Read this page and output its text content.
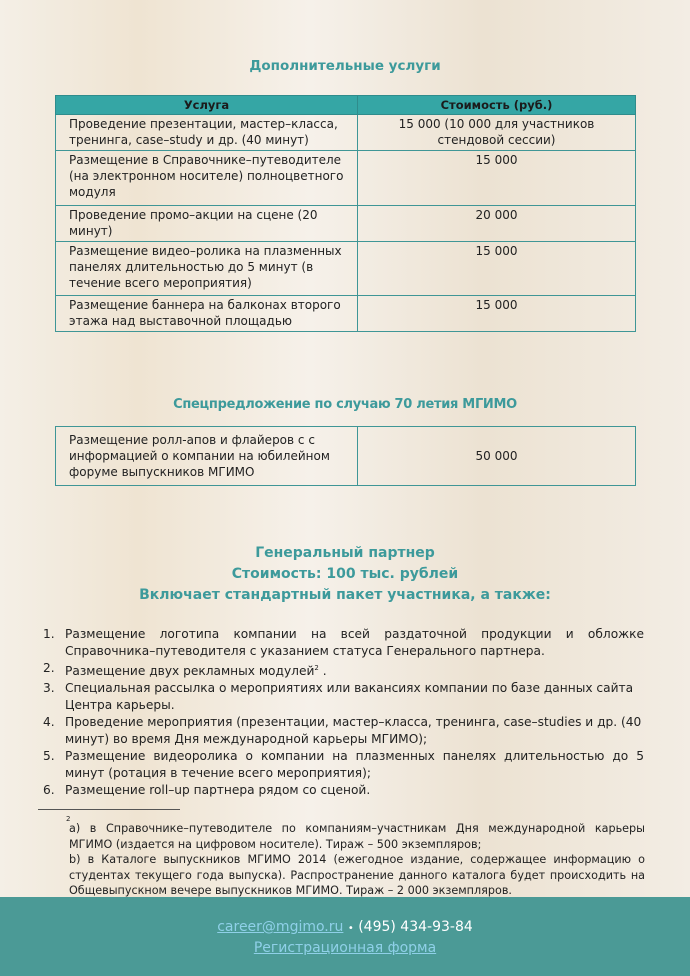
Дополнительные услуги
Услуга	Стоимость (руб.)
Проведение презентации, мастер–класса, тренинга, case–study и др. (40 минут)	15 000 (10 000 для участников стендовой сессии)
Размещение в Справочнике–путеводителе (на электронном носителе) полноцветного модуля	15 000
Проведение промо–акции на сцене (20 минут)	20 000
Размещение видео–ролика на плазменных панелях длительностью до 5 минут (в течение всего мероприятия)	15 000
Размещение баннера на балконах второго этажа над выставочной площадью	15 000
Спецпредложение по случаю 70 летия МГИМО
Размещение ролл-апов и флайеров с с информацией о компании на юбилейном форуме выпускников МГИМО	50 000
Генеральный партнер
Стоимость: 100 тыс. рублей
Включает стандартный пакет участника, а также:
1. Размещение логотипа компании на всей раздаточной продукции и обложке Справочника–путеводителя с указанием статуса Генерального партнера.
2. Размещение двух рекламных модулей$^2$ .
3. Специальная рассылка о мероприятиях или вакансиях компании по базе данных сайта Центра карьеры.
4. Проведение мероприятия (презентации, мастер–класса, тренинга, case–studies и др. (40 минут) во время Дня международной карьеры МГИМО);
5. Размещение видеоролика о компании на плазменных панелях длительностью до 5 минут (ротация в течение всего мероприятия);
6. Размещение roll–up партнера рядом со сценой.
2
а) в Справочнике–путеводителе по компаниям–участникам Дня международной карьеры МГИМО (издается на цифровом носителе). Тираж – 500 экземпляров;
b) в Каталоге выпускников МГИМО 2014 (ежегодное издание, содержащее информацию о студентах текущего года выпуска). Распространение данного каталога будет происходить на Общевыпускном вечере выпускников МГИМО. Тираж – 2 000 экземпляров.
career@mgimo.ru • (495) 434-93-84
Регистрационная форма
